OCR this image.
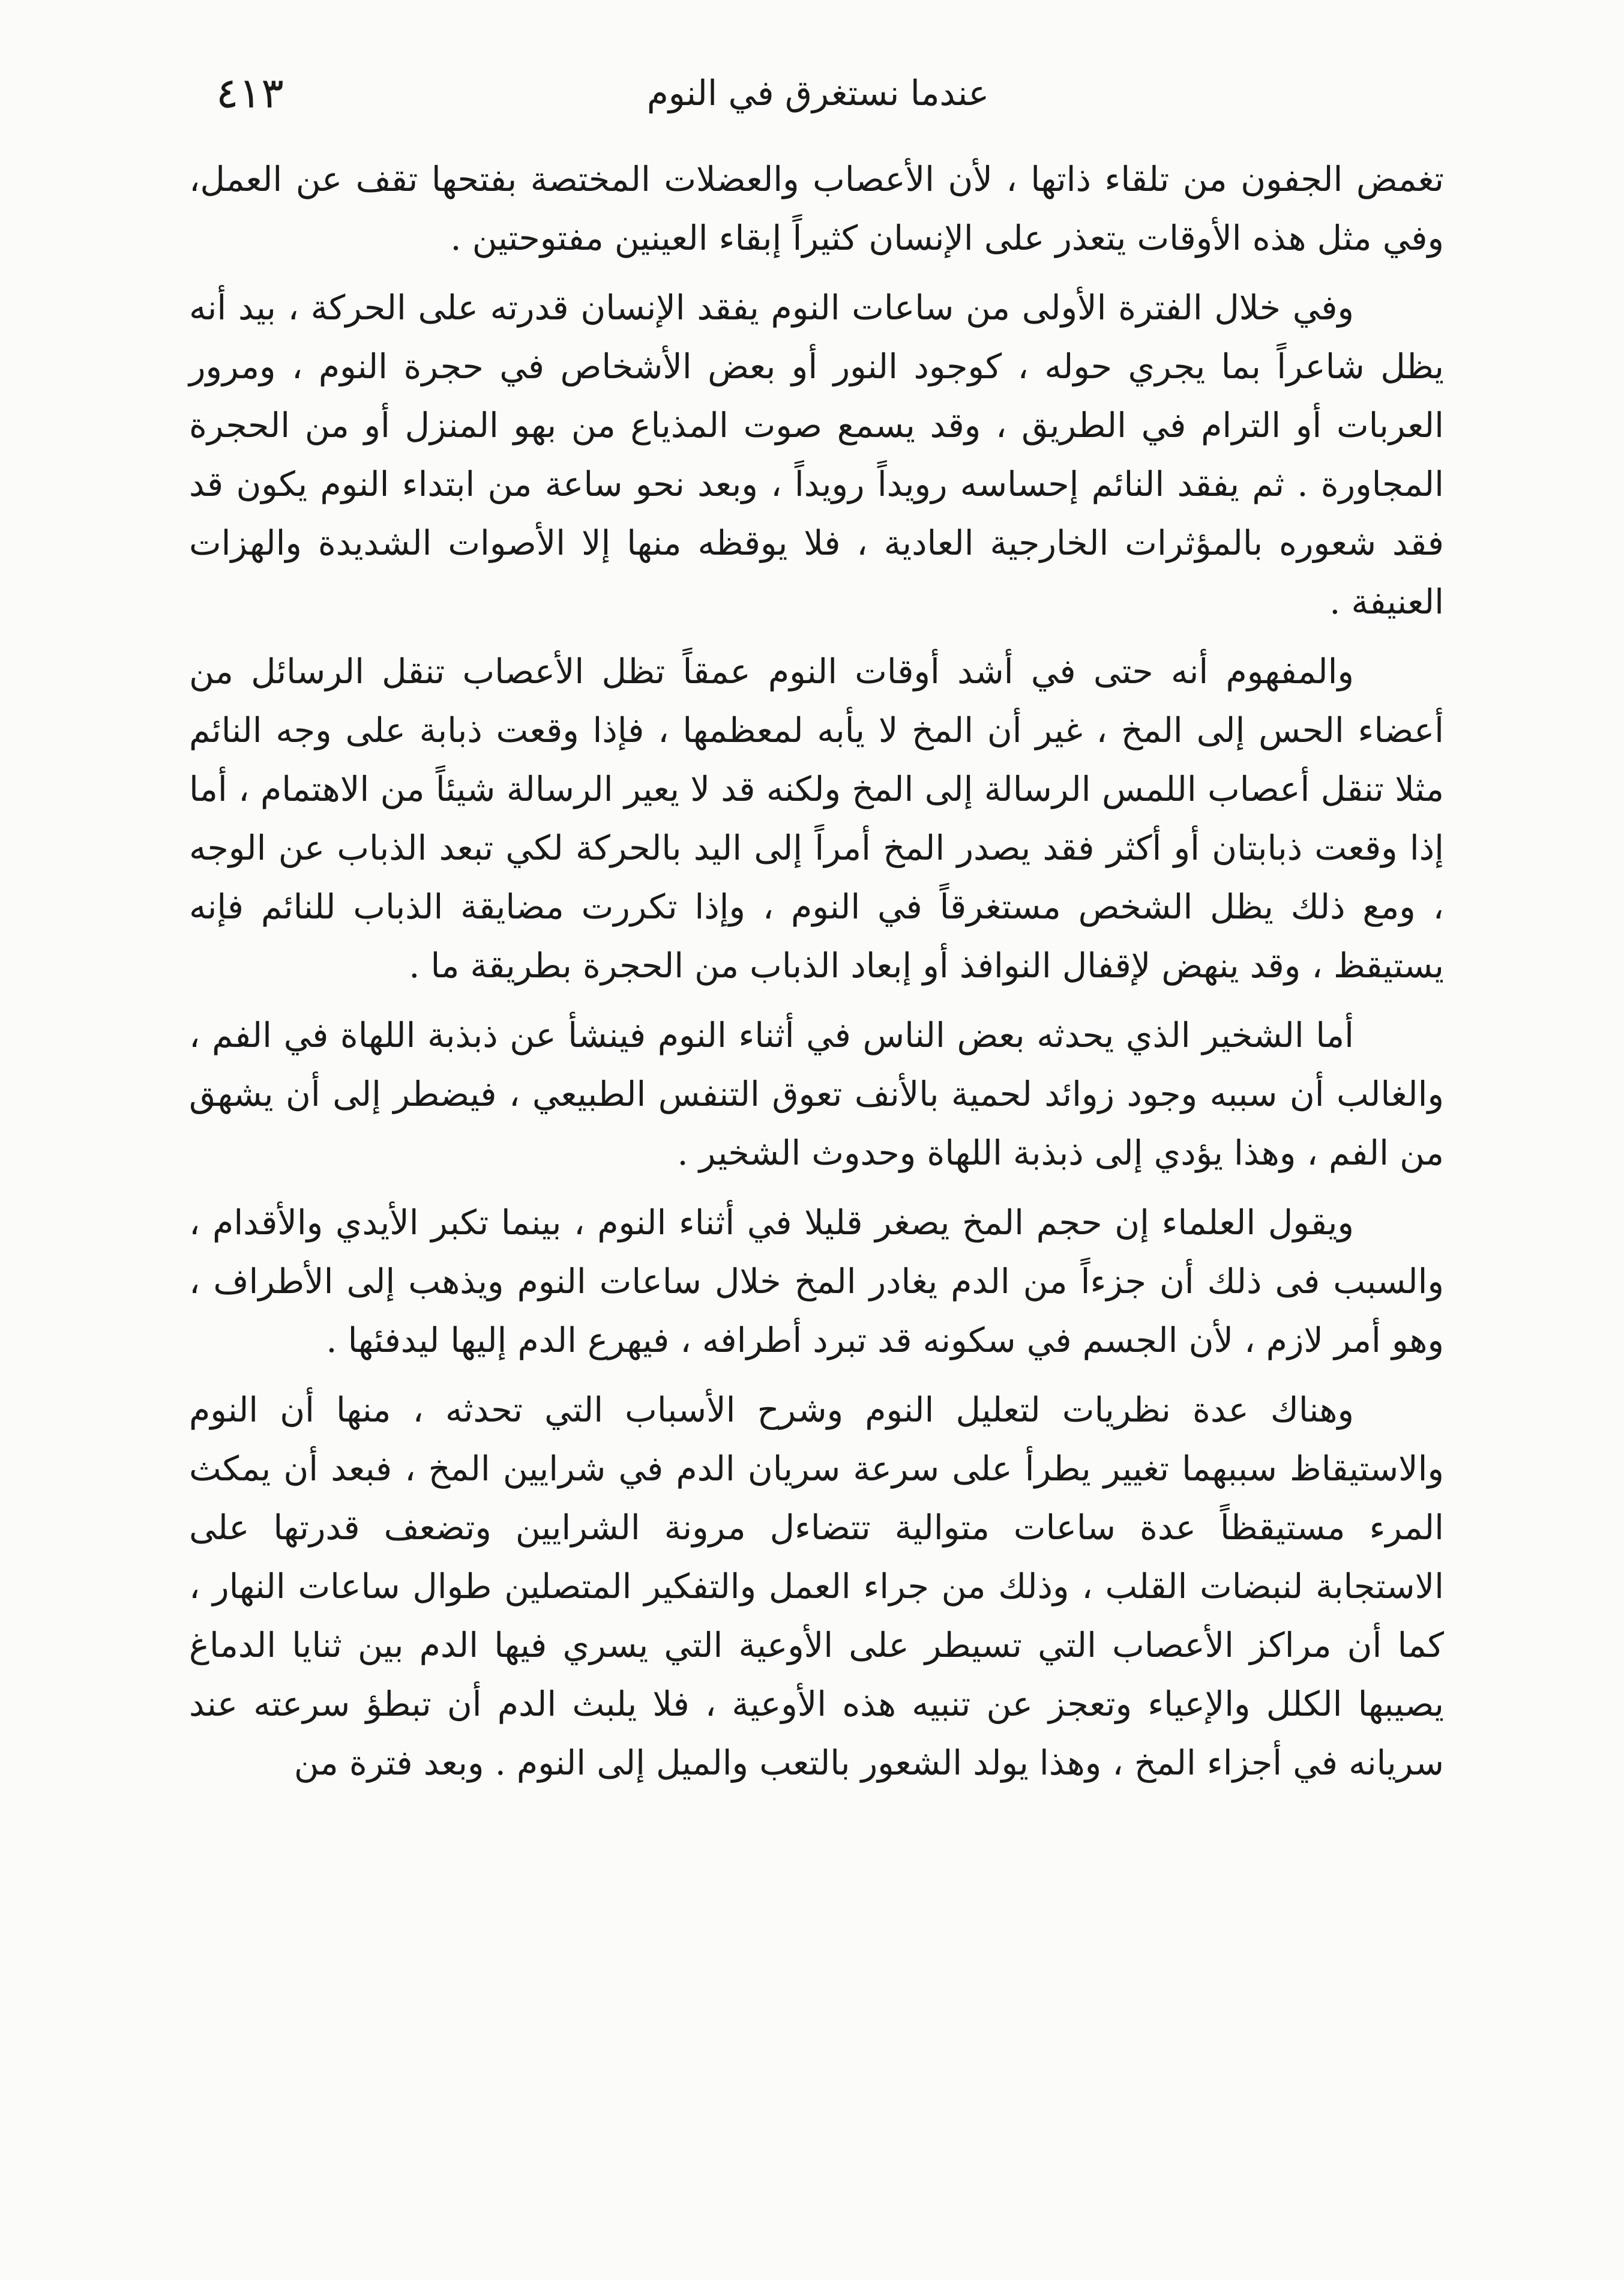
عندما نستغرق في النوم
٤١٣

تغمض الجفون من تلقاء ذاتها ، لأن الأعصاب والعضلات المختصة بفتحها تقف عن العمل، وفي مثل هذه الأوقات يتعذر على الإنسان كثيراً إبقاء العينين مفتوحتين .

وفي خلال الفترة الأولى من ساعات النوم يفقد الإنسان قدرته على الحركة ، بيد أنه يظل شاعراً بما يجري حوله ، كوجود النور أو بعض الأشخاص في حجرة النوم ، ومرور العربات أو الترام في الطريق ، وقد يسمع صوت المذياع من بهو المنزل أو من الحجرة المجاورة . ثم يفقد النائم إحساسه رويداً رويداً ، وبعد نحو ساعة من ابتداء النوم يكون قد فقد شعوره بالمؤثرات الخارجية العادية ، فلا يوقظه منها إلا الأصوات الشديدة والهزات العنيفة .

والمفهوم أنه حتى في أشد أوقات النوم عمقاً تظل الأعصاب تنقل الرسائل من أعضاء الحس إلى المخ ، غير أن المخ لا يأبه لمعظمها ، فإذا وقعت ذبابة على وجه النائم مثلا تنقل أعصاب اللمس الرسالة إلى المخ ولكنه قد لا يعير الرسالة شيئاً من الاهتمام ، أما إذا وقعت ذبابتان أو أكثر فقد يصدر المخ أمراً إلى اليد بالحركة لكي تبعد الذباب عن الوجه ، ومع ذلك يظل الشخص مستغرقاً في النوم ، وإذا تكررت مضايقة الذباب للنائم فإنه يستيقظ ، وقد ينهض لإقفال النوافذ أو إبعاد الذباب من الحجرة بطريقة ما .

أما الشخير الذي يحدثه بعض الناس في أثناء النوم فينشأ عن ذبذبة اللهاة في الفم ، والغالب أن سببه وجود زوائد لحمية بالأنف تعوق التنفس الطبيعي ، فيضطر إلى أن يشهق من الفم ، وهذا يؤدي إلى ذبذبة اللهاة وحدوث الشخير .

ويقول العلماء إن حجم المخ يصغر قليلا في أثناء النوم ، بينما تكبر الأيدي والأقدام ، والسبب فى ذلك أن جزءاً من الدم يغادر المخ خلال ساعات النوم ويذهب إلى الأطراف ، وهو أمر لازم ، لأن الجسم في سكونه قد تبرد أطرافه ، فيهرع الدم إليها ليدفئها .

وهناك عدة نظريات لتعليل النوم وشرح الأسباب التي تحدثه ، منها أن النوم والاستيقاظ سببهما تغيير يطرأ على سرعة سريان الدم في شرايين المخ ، فبعد أن يمكث المرء مستيقظاً عدة ساعات متوالية تتضاءل مرونة الشرايين وتضعف قدرتها على الاستجابة لنبضات القلب ، وذلك من جراء العمل والتفكير المتصلين طوال ساعات النهار ، كما أن مراكز الأعصاب التي تسيطر على الأوعية التي يسري فيها الدم بين ثنايا الدماغ يصيبها الكلل والإعياء وتعجز عن تنبيه هذه الأوعية ، فلا يلبث الدم أن تبطؤ سرعته عند سريانه في أجزاء المخ ، وهذا يولد الشعور بالتعب والميل إلى النوم . وبعد فترة من
